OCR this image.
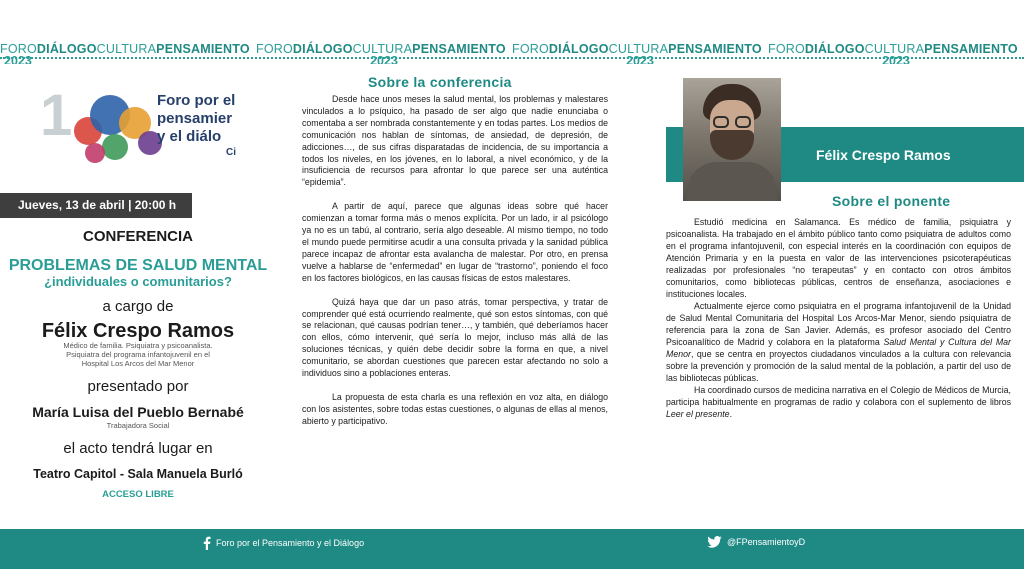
FORODIÁLOGOCULTURAPENSAMIENTO FORODIÁLOGOCULTURAPENSAMIENTO FORODIÁLOGOCULTURAPENSAMIENTO FORODIÁLOGOCULTURAPENSAMIENTO
2023	2023	2023	2023
1	Foro por el
pensamier
y el diálo
Ci
Jueves, 13 de abril | 20:00 h
CONFERENCIA
PROBLEMAS DE SALUD MENTAL
¿individuales o comunitarios?
a cargo de
Félix Crespo Ramos
Médico de familia. Psiquiatra y psicoanalista.
Psiquiatra del programa infantojuvenil en el
Hospital Los Arcos del Mar Menor
presentado por
María Luisa del Pueblo Bernabé
Trabajadora Social
el acto tendrá lugar en
Teatro Capitol - Sala Manuela Burló
ACCESO LIBRE
Sobre la conferencia

Desde hace unos meses la salud mental, los problemas y malestares vinculados a lo psíquico, ha pasado de ser algo que nadie enunciaba o comentaba a ser nombrada constantemente y en todas partes. Los medios de comunicación nos hablan de síntomas, de ansiedad, de depresión, de adicciones…, de sus cifras disparatadas de incidencia, de su importancia a todos los niveles, en los jóvenes, en lo laboral, a nivel económico, y de la insuficiencia de recursos para afrontar lo que parece ser una auténtica “epidemia”.

A partir de aquí, parece que algunas ideas sobre qué hacer comienzan a tomar forma más o menos explícita. Por un lado, ir al psicólogo ya no es un tabú, al contrario, sería algo deseable. Al mismo tiempo, no todo el mundo puede permitirse acudir a una consulta privada y la sanidad pública parece incapaz de afrontar esta avalancha de malestar. Por otro, en prensa vuelve a hablarse de “enfermedad” en lugar de “trastorno”, poniendo el foco en los factores biológicos, en las causas físicas de estos malestares.

Quizá haya que dar un paso atrás, tomar perspectiva, y tratar de comprender qué está ocurriendo realmente, qué son estos síntomas, con qué se relacionan, qué causas podrían tener…, y también, qué deberíamos hacer con ellos, cómo intervenir, qué sería lo mejor, incluso más allá de las soluciones técnicas, y quién debe decidir sobre la forma en que, a nivel comunitario, se abordan cuestiones que parecen estar afectando no solo a individuos sino a poblaciones enteras.

La propuesta de esta charla es una reflexión en voz alta, en diálogo con los asistentes, sobre todas estas cuestiones, o algunas de ellas al menos, abierto y participativo.

Félix Crespo Ramos
Sobre el ponente

Estudió medicina en Salamanca. Es médico de familia, psiquiatra y psicoanalista. Ha trabajado en el ámbito público tanto como psiquiatra de adultos como en el programa infantojuvenil, con especial interés en la coordinación con equipos de Atención Primaria y en la puesta en valor de las intervenciones psicoterapéuticas realizadas por profesionales “no terapeutas” y en contacto con otros ámbitos comunitarios, como bibliotecas públicas, centros de enseñanza, asociaciones e instituciones locales.

Actualmente ejerce como psiquiatra en el programa infantojuvenil de la Unidad de Salud Mental Comunitaria del Hospital Los Arcos-Mar Menor, siendo psiquiatra de referencia para la zona de San Javier. Además, es profesor asociado del Centro Psicoanalítico de Madrid y colabora en la plataforma Salud Mental y Cultura del Mar Menor, que se centra en proyectos ciudadanos vinculados a la cultura con relevancia sobre la prevención y promoción de la salud mental de la población, a partir del uso de las bibliotecas públicas.

Ha coordinado cursos de medicina narrativa en el Colegio de Médicos de Murcia, participa habitualmente en programas de radio y colabora con el suplemento de libros Leer el presente.

Foro por el Pensamiento y el Diálogo	@FPensamientoyD
